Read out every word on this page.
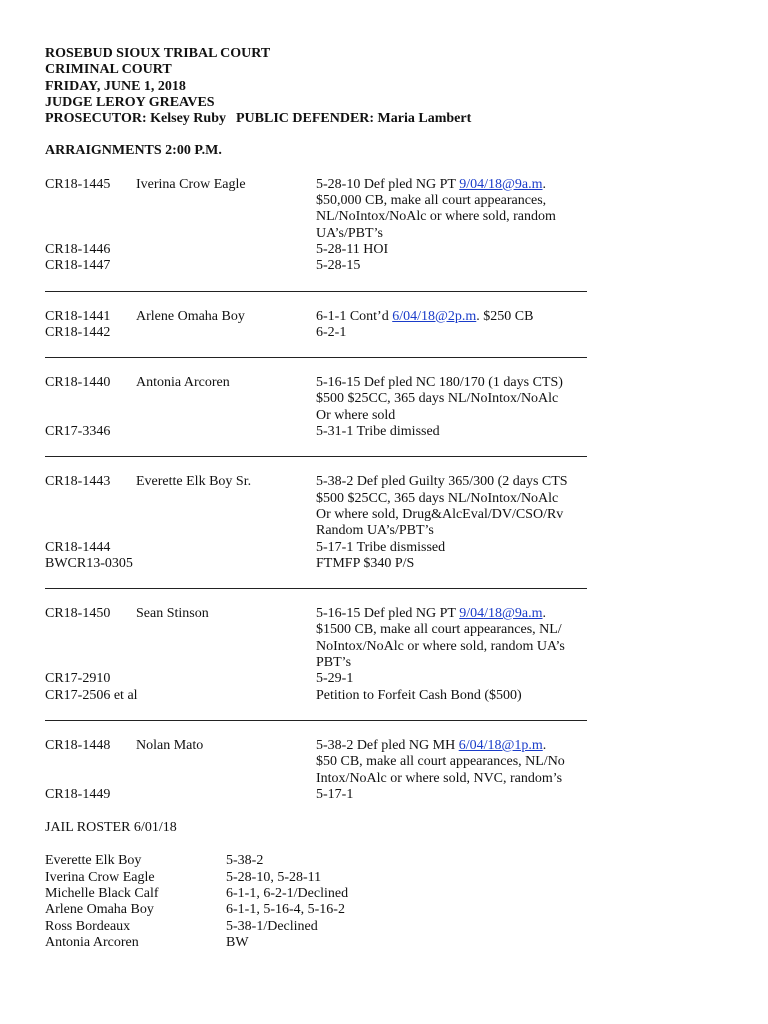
ROSEBUD SIOUX TRIBAL COURT
CRIMINAL COURT
FRIDAY, JUNE 1, 2018
JUDGE LEROY GREAVES
PROSECUTOR: Kelsey Ruby PUBLIC DEFENDER: Maria Lambert
ARRAIGNMENTS 2:00 P.M.
CR18-1445	Iverina Crow Eagle	5-28-10 Def pled NG PT 9/04/18@9a.m.
$50,000 CB, make all court appearances,
NL/NoIntox/NoAlc or where sold, random
UA’s/PBT’s
CR18-1446	5-28-11 HOI
CR18-1447	5-28-15
CR18-1441	Arlene Omaha Boy	6-1-1 Cont’d 6/04/18@2p.m. $250 CB
CR18-1442	6-2-1
CR18-1440	Antonia Arcoren	5-16-15 Def pled NC 180/170 (1 days CTS)
$500 $25CC, 365 days NL/NoIntox/NoAlc
Or where sold
CR17-3346	5-31-1 Tribe dimissed
CR18-1443	Everette Elk Boy Sr.	5-38-2 Def pled Guilty 365/300 (2 days CTS
$500 $25CC, 365 days NL/NoIntox/NoAlc
Or where sold, Drug&AlcEval/DV/CSO/Rv
Random UA’s/PBT’s
CR18-1444	5-17-1 Tribe dismissed
BWCR13-0305	FTMFP $340 P/S
CR18-1450	Sean Stinson	5-16-15 Def pled NG PT 9/04/18@9a.m.
$1500 CB, make all court appearances, NL/
NoIntox/NoAlc or where sold, random UA’s
PBT’s
CR17-2910	5-29-1
CR17-2506 et al	Petition to Forfeit Cash Bond ($500)
CR18-1448	Nolan Mato	5-38-2 Def pled NG MH 6/04/18@1p.m.
$50 CB, make all court appearances, NL/No
Intox/NoAlc or where sold, NVC, random’s
CR18-1449	5-17-1
JAIL ROSTER 6/01/18
Everette Elk Boy	5-38-2
Iverina Crow Eagle	5-28-10, 5-28-11
Michelle Black Calf	6-1-1, 6-2-1/Declined
Arlene Omaha Boy	6-1-1, 5-16-4, 5-16-2
Ross Bordeaux	5-38-1/Declined
Antonia Arcoren	BW
